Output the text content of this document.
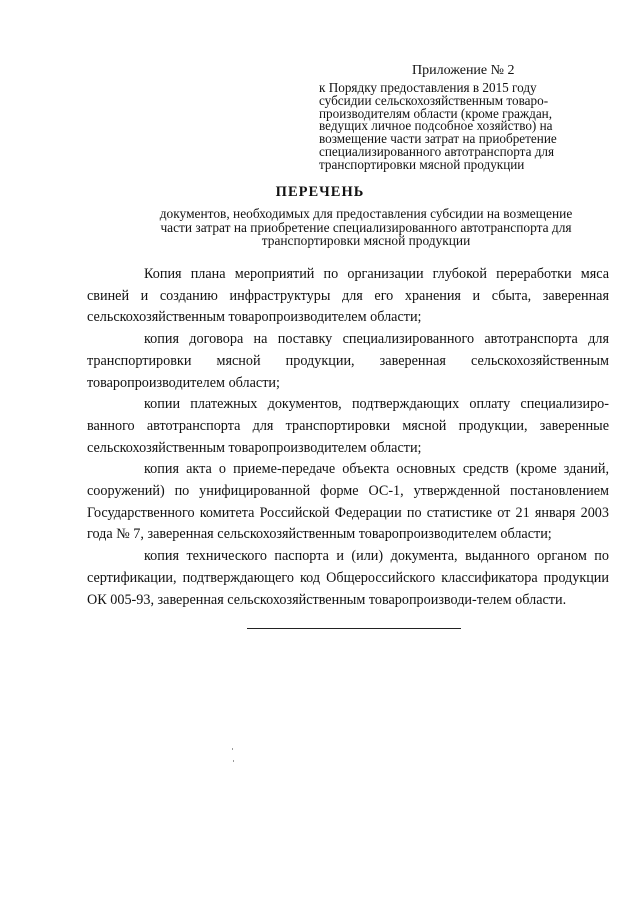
Приложение № 2
к Порядку предоставления в 2015 году
субсидии сельскохозяйственным товаро-
производителям области (кроме граждан,
ведущих личное подсобное хозяйство) на
возмещение части затрат на приобретение
специализированного автотранспорта для
транспортировки мясной продукции
ПЕРЕЧЕНЬ
документов, необходимых для предоставления субсидии на возмещение
части затрат на приобретение специализированного автотранспорта для
транспортировки мясной продукции

Копия плана мероприятий по организации глубокой переработки мяса свиней и созданию инфраструктуры для его хранения и сбыта, заверенная сельскохозяйственным товаропроизводителем области;

копия договора на поставку специализированного автотранспорта для транспортировки мясной продукции, заверенная сельскохозяйственным товаропроизводителем области;

копии платежных документов, подтверждающих оплату специализиро-ванного автотранспорта для транспортировки мясной продукции, заверенные сельскохозяйственным товаропроизводителем области;

копия акта о приеме-передаче объекта основных средств (кроме зданий, сооружений) по унифицированной форме ОС-1, утвержденной постановлением Государственного комитета Российской Федерации по статистике от 21 января 2003 года № 7, заверенная сельскохозяйственным товаропроизводителем области;

копия технического паспорта и (или) документа, выданного органом по сертификации, подтверждающего код Общероссийского классификатора продукции ОК 005-93, заверенная сельскохозяйственным товаропроизводи-телем области.
